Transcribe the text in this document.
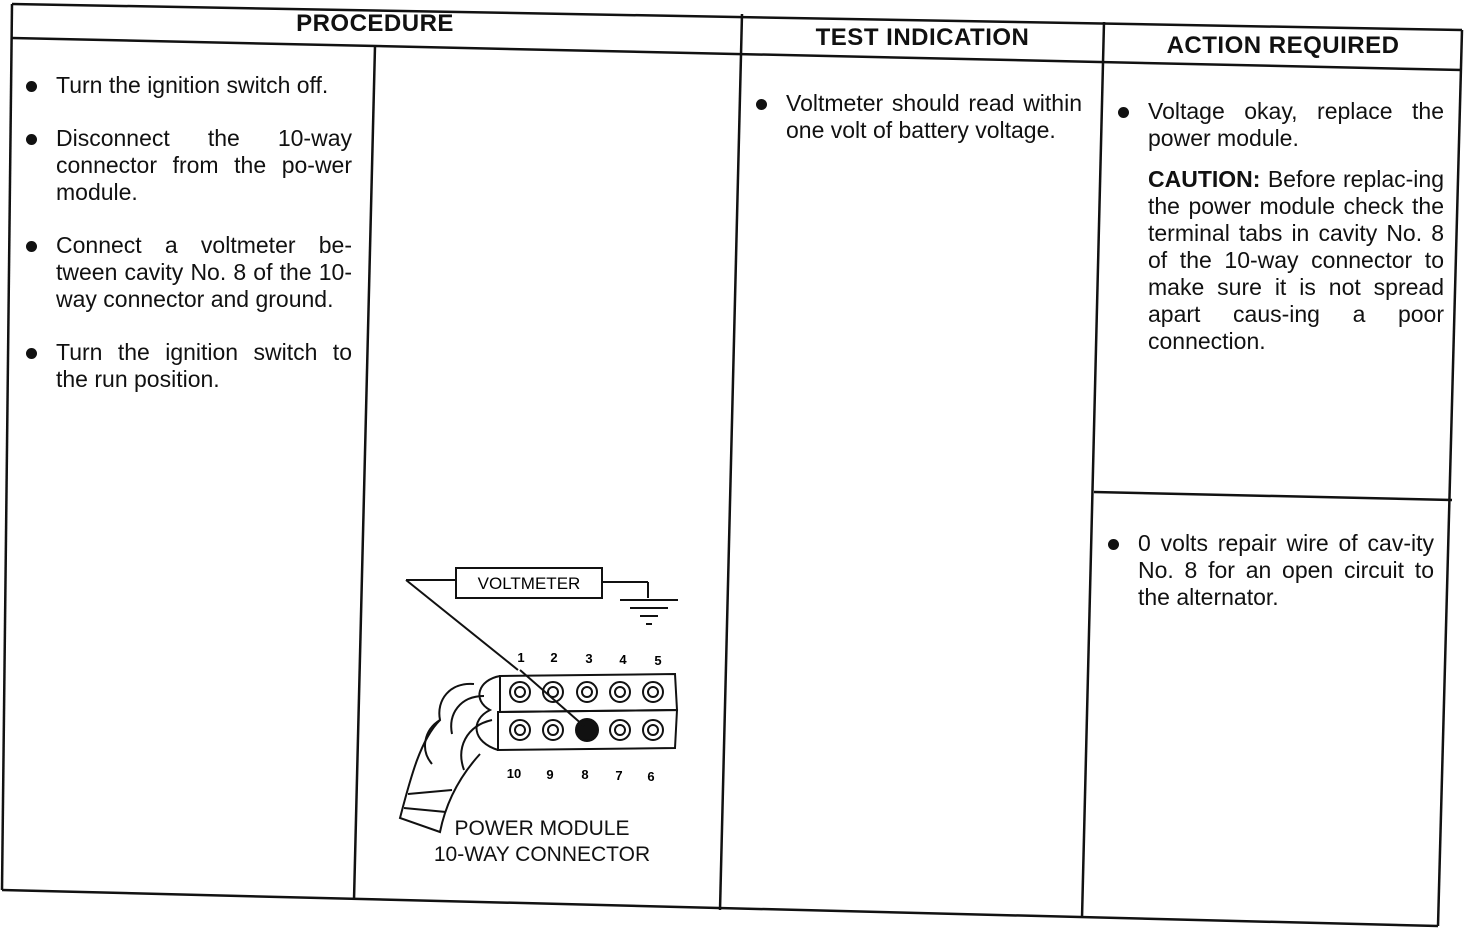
PROCEDURE
TEST INDICATION	ACTION REQUIRED
Turn the ignition switch off.
Disconnect the 10-way connector from the po-wer module.
Connect a voltmeter be-tween cavity No. 8 of the 10-way connector and ground.
Turn the ignition switch to the run position.
Voltmeter should read within one volt of battery voltage.
Voltage okay, replace the power module.
CAUTION: Before replac-ing the power module check the terminal tabs in cavity No. 8 of the 10-way connector to make sure it is not spread apart caus-ing a poor connection.
0 volts repair wire of cav-ity No. 8 for an open circuit to the alternator.
VOLTMETER
1 2 3 4 5
10 9 8 7 6
POWER MODULE
10-WAY CONNECTOR
